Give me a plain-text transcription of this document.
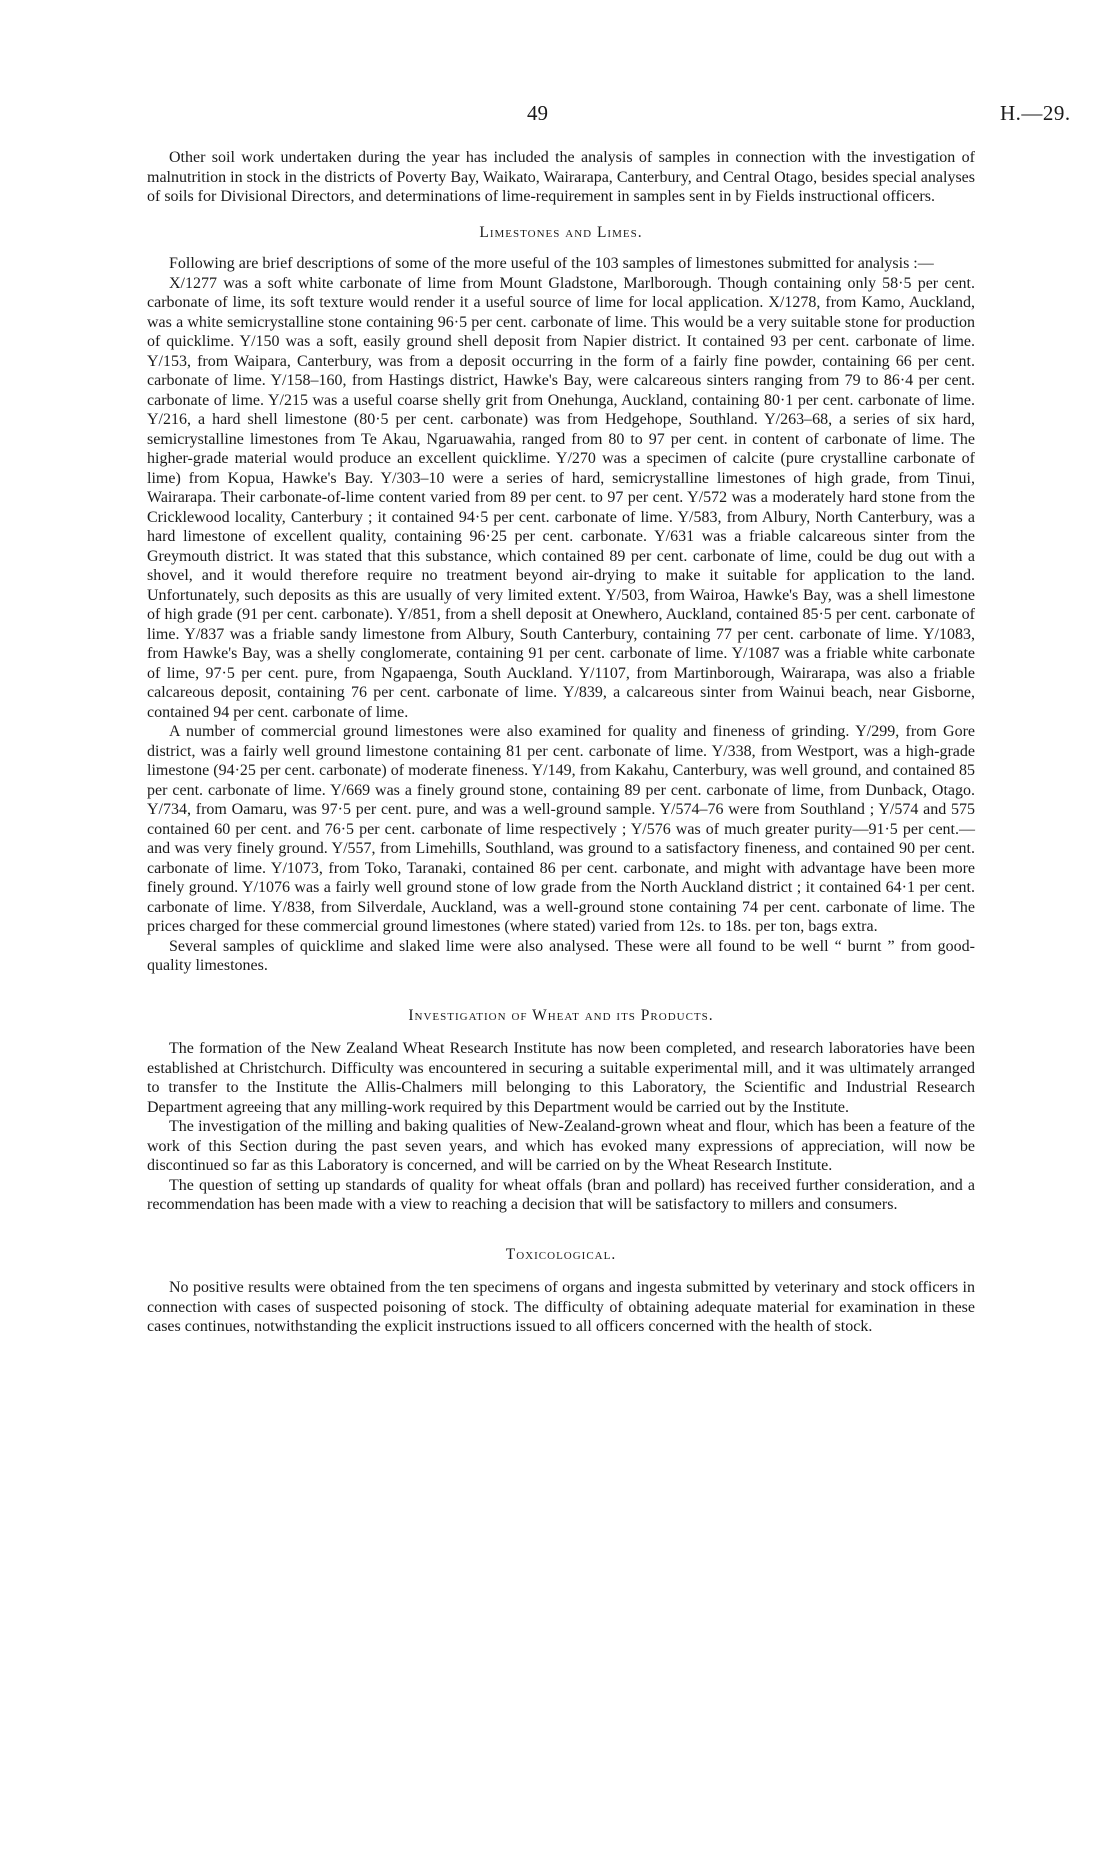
49	H.—29.

Other soil work undertaken during the year has included the analysis of samples in connection with the investigation of malnutrition in stock in the districts of Poverty Bay, Waikato, Wairarapa, Canterbury, and Central Otago, besides special analyses of soils for Divisional Directors, and determinations of lime-requirement in samples sent in by Fields instructional officers.

Limestones and Limes.

Following are brief descriptions of some of the more useful of the 103 samples of limestones submitted for analysis :—

X/1277 was a soft white carbonate of lime from Mount Gladstone, Marlborough. Though containing only 58·5 per cent. carbonate of lime, its soft texture would render it a useful source of lime for local application. X/1278, from Kamo, Auckland, was a white semicrystalline stone containing 96·5 per cent. carbonate of lime. This would be a very suitable stone for production of quicklime. Y/150 was a soft, easily ground shell deposit from Napier district. It contained 93 per cent. carbonate of lime. Y/153, from Waipara, Canterbury, was from a deposit occurring in the form of a fairly fine powder, containing 66 per cent. carbonate of lime. Y/158–160, from Hastings district, Hawke's Bay, were calcareous sinters ranging from 79 to 86·4 per cent. carbonate of lime. Y/215 was a useful coarse shelly grit from Onehunga, Auckland, containing 80·1 per cent. carbonate of lime. Y/216, a hard shell limestone (80·5 per cent. carbonate) was from Hedgehope, Southland. Y/263–68, a series of six hard, semicrystalline limestones from Te Akau, Ngaruawahia, ranged from 80 to 97 per cent. in content of carbonate of lime. The higher-grade material would produce an excellent quicklime. Y/270 was a specimen of calcite (pure crystalline carbonate of lime) from Kopua, Hawke's Bay. Y/303–10 were a series of hard, semicrystalline limestones of high grade, from Tinui, Wairarapa. Their carbonate-of-lime content varied from 89 per cent. to 97 per cent. Y/572 was a moderately hard stone from the Cricklewood locality, Canterbury ; it contained 94·5 per cent. carbonate of lime. Y/583, from Albury, North Canterbury, was a hard limestone of excellent quality, containing 96·25 per cent. carbonate. Y/631 was a friable calcareous sinter from the Greymouth district. It was stated that this substance, which contained 89 per cent. carbonate of lime, could be dug out with a shovel, and it would therefore require no treatment beyond air-drying to make it suitable for application to the land. Unfortunately, such deposits as this are usually of very limited extent. Y/503, from Wairoa, Hawke's Bay, was a shell limestone of high grade (91 per cent. carbonate). Y/851, from a shell deposit at Onewhero, Auckland, contained 85·5 per cent. carbonate of lime. Y/837 was a friable sandy limestone from Albury, South Canterbury, containing 77 per cent. carbonate of lime. Y/1083, from Hawke's Bay, was a shelly conglomerate, containing 91 per cent. carbonate of lime. Y/1087 was a friable white carbonate of lime, 97·5 per cent. pure, from Ngapaenga, South Auckland. Y/1107, from Martinborough, Wairarapa, was also a friable calcareous deposit, containing 76 per cent. carbonate of lime. Y/839, a calcareous sinter from Wainui beach, near Gisborne, contained 94 per cent. carbonate of lime.

A number of commercial ground limestones were also examined for quality and fineness of grinding. Y/299, from Gore district, was a fairly well ground limestone containing 81 per cent. carbonate of lime. Y/338, from Westport, was a high-grade limestone (94·25 per cent. carbonate) of moderate fineness. Y/149, from Kakahu, Canterbury, was well ground, and contained 85 per cent. carbonate of lime. Y/669 was a finely ground stone, containing 89 per cent. carbonate of lime, from Dunback, Otago. Y/734, from Oamaru, was 97·5 per cent. pure, and was a well-ground sample. Y/574–76 were from Southland ; Y/574 and 575 contained 60 per cent. and 76·5 per cent. carbonate of lime respectively ; Y/576 was of much greater purity—91·5 per cent.—and was very finely ground. Y/557, from Limehills, Southland, was ground to a satisfactory fineness, and contained 90 per cent. carbonate of lime. Y/1073, from Toko, Taranaki, contained 86 per cent. carbonate, and might with advantage have been more finely ground. Y/1076 was a fairly well ground stone of low grade from the North Auckland district ; it contained 64·1 per cent. carbonate of lime. Y/838, from Silverdale, Auckland, was a well-ground stone containing 74 per cent. carbonate of lime. The prices charged for these commercial ground limestones (where stated) varied from 12s. to 18s. per ton, bags extra.

Several samples of quicklime and slaked lime were also analysed. These were all found to be well “ burnt ” from good-quality limestones.

Investigation of Wheat and its Products.

The formation of the New Zealand Wheat Research Institute has now been completed, and research laboratories have been established at Christchurch. Difficulty was encountered in securing a suitable experimental mill, and it was ultimately arranged to transfer to the Institute the Allis-Chalmers mill belonging to this Laboratory, the Scientific and Industrial Research Department agreeing that any milling-work required by this Department would be carried out by the Institute.

The investigation of the milling and baking qualities of New-Zealand-grown wheat and flour, which has been a feature of the work of this Section during the past seven years, and which has evoked many expressions of appreciation, will now be discontinued so far as this Laboratory is concerned, and will be carried on by the Wheat Research Institute.

The question of setting up standards of quality for wheat offals (bran and pollard) has received further consideration, and a recommendation has been made with a view to reaching a decision that will be satisfactory to millers and consumers.

Toxicological.

No positive results were obtained from the ten specimens of organs and ingesta submitted by veterinary and stock officers in connection with cases of suspected poisoning of stock. The difficulty of obtaining adequate material for examination in these cases continues, notwithstanding the explicit instructions issued to all officers concerned with the health of stock.
